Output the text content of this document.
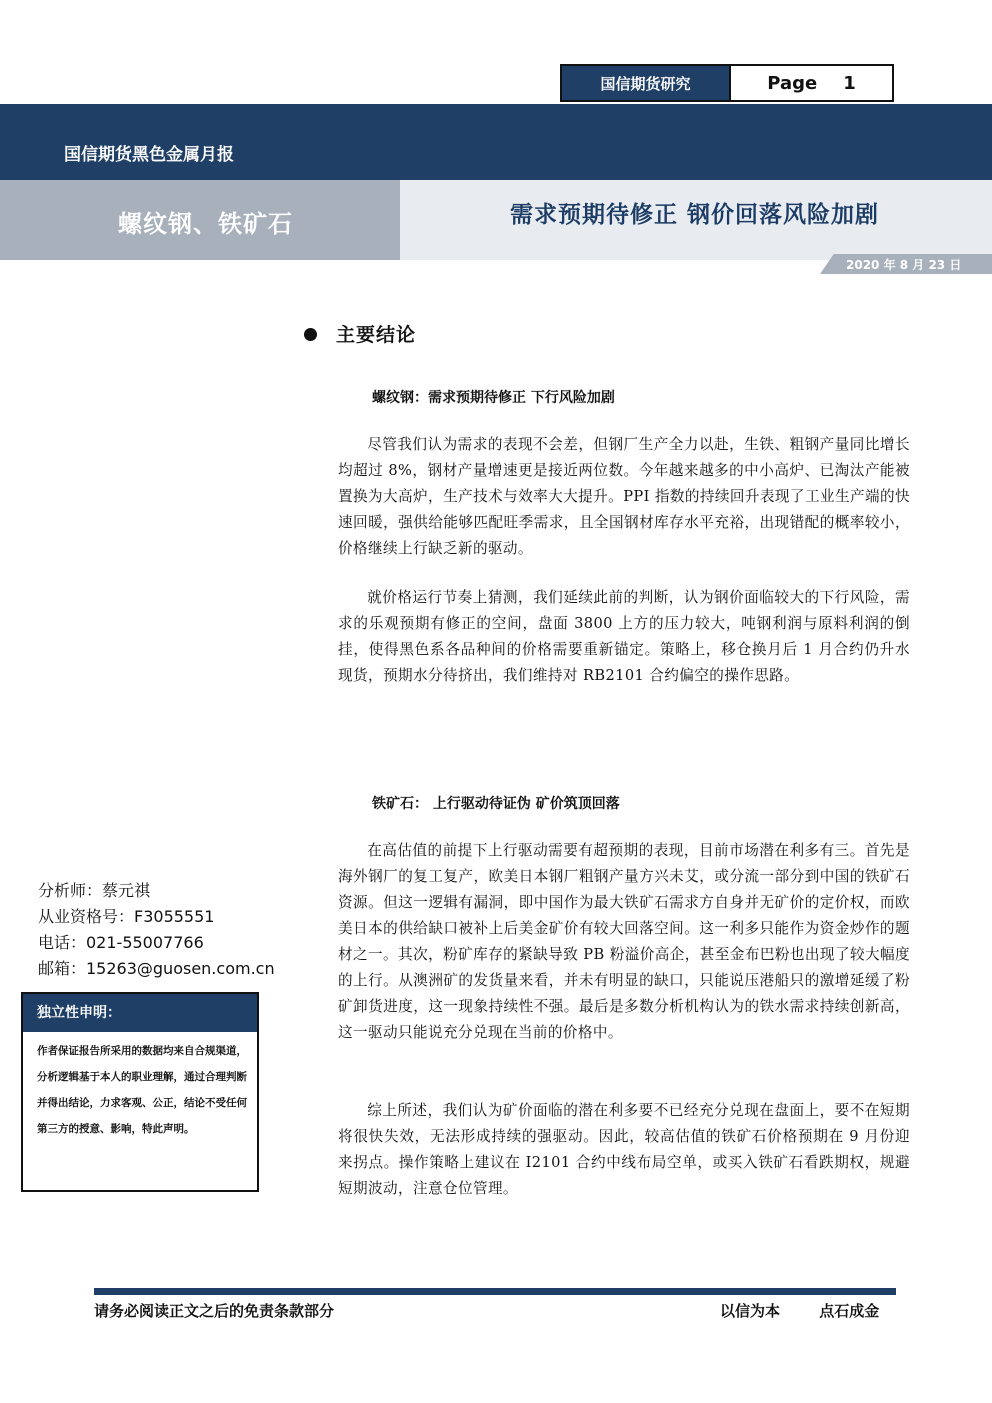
国信期货研究	Page 1
国信期货黑色金属月报
螺纹钢、铁矿石	需求预期待修正 钢价回落风险加剧
2020 年 8 月 23 日
主要结论
螺纹钢：需求预期待修正 下行风险加剧

尽管我们认为需求的表现不会差，但钢厂生产全力以赴，生铁、粗钢产量同比增长均超过 8%，钢材产量增速更是接近两位数。今年越来越多的中小高炉、已淘汰产能被置换为大高炉，生产技术与效率大大提升。PPI 指数的持续回升表现了工业生产端的快速回暖，强供给能够匹配旺季需求，且全国钢材库存水平充裕，出现错配的概率较小，价格继续上行缺乏新的驱动。

就价格运行节奏上猜测，我们延续此前的判断，认为钢价面临较大的下行风险，需求的乐观预期有修正的空间，盘面 3800 上方的压力较大，吨钢利润与原料利润的倒挂，使得黑色系各品种间的价格需要重新锚定。策略上，移仓换月后 1 月合约仍升水现货，预期水分待挤出，我们维持对 RB2101 合约偏空的操作思路。

铁矿石： 上行驱动待证伪 矿价筑顶回落

在高估值的前提下上行驱动需要有超预期的表现，目前市场潜在利多有三。首先是海外钢厂的复工复产，欧美日本钢厂粗钢产量方兴未艾，或分流一部分到中国的铁矿石资源。但这一逻辑有漏洞，即中国作为最大铁矿石需求方自身并无矿价的定价权，而欧美日本的供给缺口被补上后美金矿价有较大回落空间。这一利多只能作为资金炒作的题材之一。其次，粉矿库存的紧缺导致 PB 粉溢价高企，甚至金布巴粉也出现了较大幅度的上行。从澳洲矿的发货量来看，并未有明显的缺口，只能说压港船只的激增延缓了粉矿卸货进度，这一现象持续性不强。最后是多数分析机构认为的铁水需求持续创新高，这一驱动只能说充分兑现在当前的价格中。

综上所述，我们认为矿价面临的潜在利多要不已经充分兑现在盘面上，要不在短期将很快失效，无法形成持续的强驱动。因此，较高估值的铁矿石价格预期在 9 月份迎来拐点。操作策略上建议在 I2101 合约中线布局空单，或买入铁矿石看跌期权，规避短期波动，注意仓位管理。

分析师：蔡元祺
从业资格号：F3055551
电话：021-55007766
邮箱：15263@guosen.com.cn
独立性申明：
作者保证报告所采用的数据均来自合规渠道，分析逻辑基于本人的职业理解，通过合理判断 并得出结论，力求客观、公正，结论不受任何第三方的授意、影响，特此声明。
请务必阅读正文之后的免责条款部分	以信为本	点石成金
